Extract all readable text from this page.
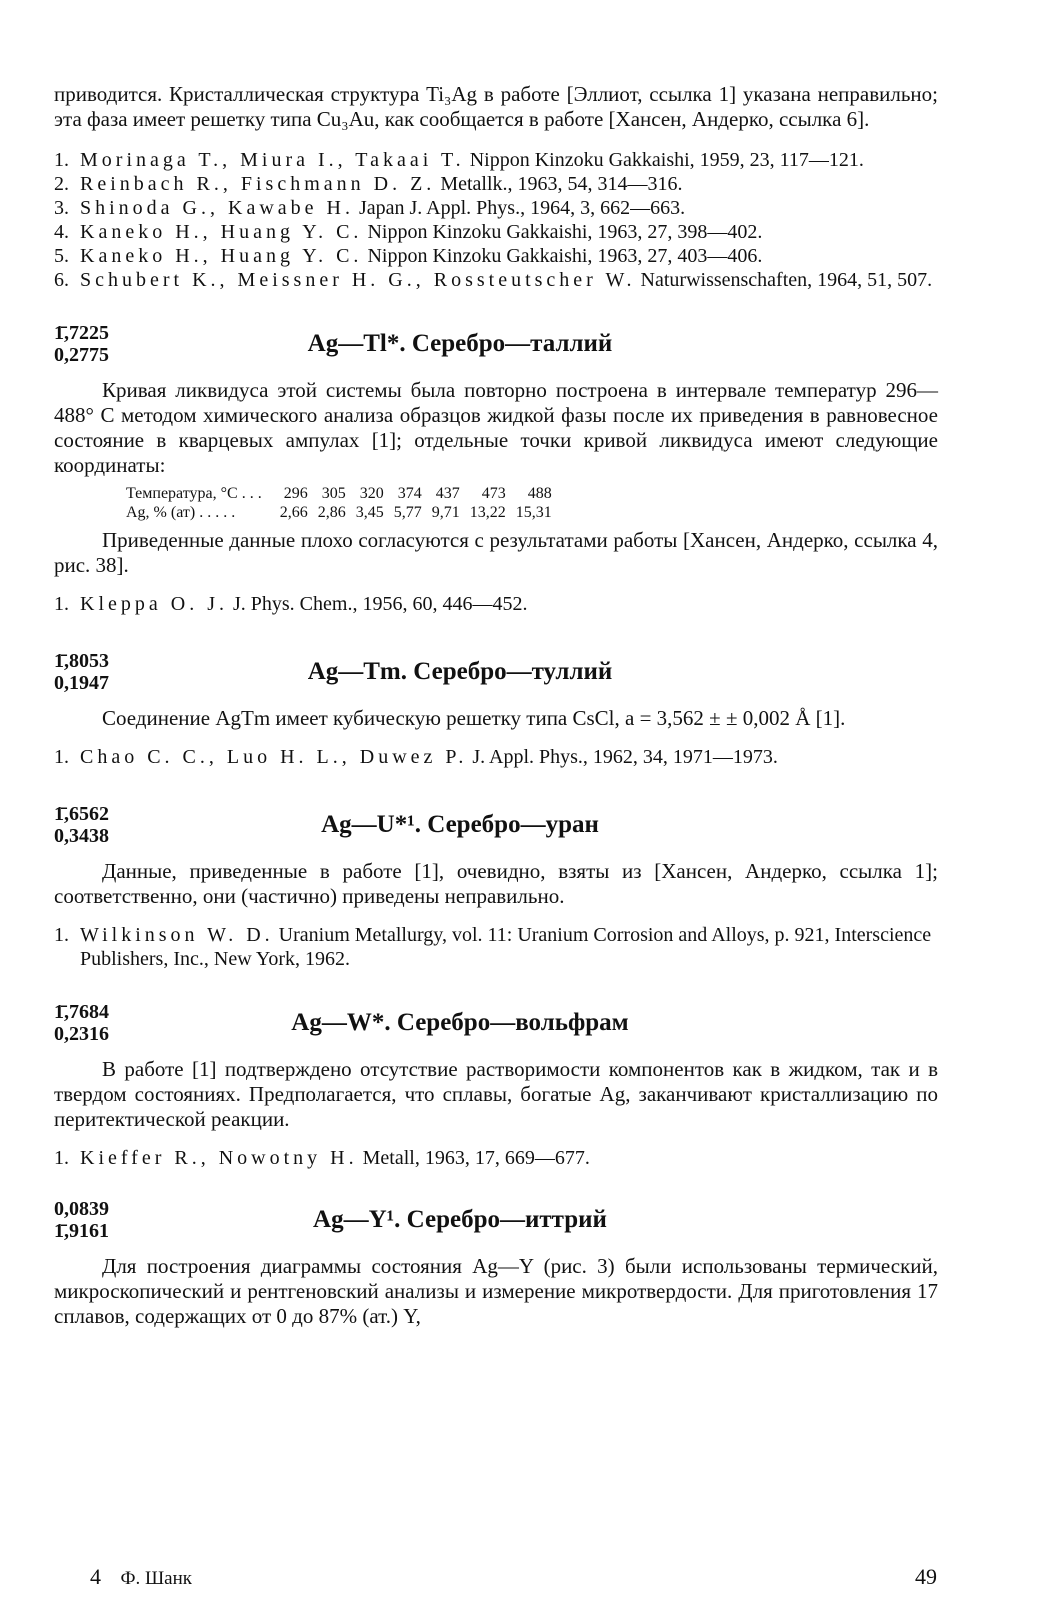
приводится. Кристаллическая структура Ti₃Ag в работе [Эллиот, ссылка 1] указана неправильно; эта фаза имеет решетку типа Cu₃Au, как сообщается в работе [Хансен, Андерко, ссылка 6].

1. Morinaga T., Miura I., Takaai T. Nippon Kinzoku Gakkaishi, 1959, 23, 117—121.
2. Reinbach R., Fischmann D. Z. Metallk., 1963, 54, 314—316.
3. Shinoda G., Kawabe H. Japan J. Appl. Phys., 1964, 3, 662—663.
4. Kaneko H., Huang Y. C. Nippon Kinzoku Gakkaishi, 1963, 27, 398—402.
5. Kaneko H., Huang Y. C. Nippon Kinzoku Gakkaishi, 1963, 27, 403—406.
6. Schubert K., Meissner H. G., Rossteutscher W. Naturwissenschaften, 1964, 51, 507.
1̄,7225
0,2775	Ag—Tl*. Серебро—таллий

Кривая ликвидуса этой системы была повторно построена в интервале температур 296—488° С методом химического анализа образцов жидкой фазы после их приведения в равновесное состояние в кварцевых ампулах [1]; отдельные точки кривой ликвидуса имеют следующие координаты:

Температура, °С . . .	296	305	320	374	437	473	488
Ag, % (ат) . . . . .	2,66	2,86	3,45	5,77	9,71	13,22	15,31

Приведенные данные плохо согласуются с результатами работы [Хансен, Андерко, ссылка 4, рис. 38].

1. Kleppa O. J. J. Phys. Chem., 1956, 60, 446—452.
1̄,8053
0,1947	Ag—Tm. Серебро—туллий

Соединение AgTm имеет кубическую решетку типа CsCl, a = 3,562 ± ± 0,002 Å [1].

1. Chao C. C., Luo H. L., Duwez P. J. Appl. Phys., 1962, 34, 1971—1973.
1̄,6562
0,3438	Ag—U*¹. Серебро—уран

Данные, приведенные в работе [1], очевидно, взяты из [Хансен, Андерко, ссылка 1]; соответственно, они (частично) приведены неправильно.

1. Wilkinson W. D. Uranium Metallurgy, vol. 11: Uranium Corrosion and Alloys, p. 921, Interscience Publishers, Inc., New York, 1962.
1̄,7684
0,2316	Ag—W*. Серебро—вольфрам

В работе [1] подтверждено отсутствие растворимости компонентов как в жидком, так и в твердом состояниях. Предполагается, что сплавы, богатые Ag, заканчивают кристаллизацию по перитектической реакции.

1. Kieffer R., Nowotny H. Metall, 1963, 17, 669—677.
0,0839
1̄,9161	Ag—Y¹. Серебро—иттрий

Для построения диаграммы состояния Ag—Y (рис. 3) были использованы термический, микроскопический и рентгеновский анализы и измерение микротвердости. Для приготовления 17 сплавов, содержащих от 0 до 87% (ат.) Y,

4 Ф. Шанк	49
